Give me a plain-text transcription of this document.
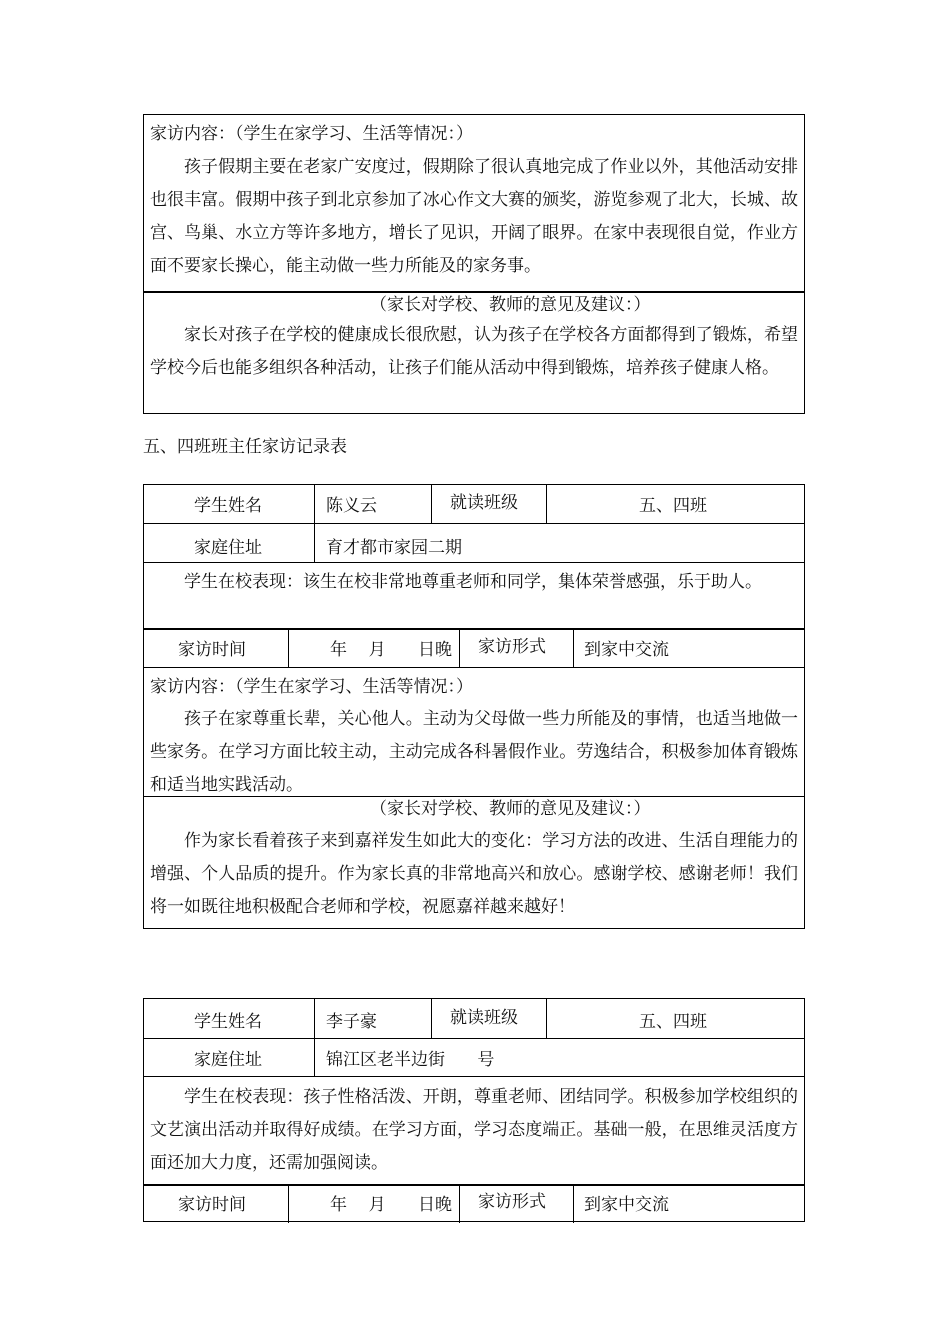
家访内容：（学生在家学习、生活等情况：）
孩子假期主要在老家广安度过，假期除了很认真地完成了作业以外，其他活动安排也很丰富。假期中孩子到北京参加了冰心作文大赛的颁奖，游览参观了北大，长城、故宫、鸟巢、水立方等许多地方，增长了见识，开阔了眼界。在家中表现很自觉，作业方面不要家长操心，能主动做一些力所能及的家务事。
（家长对学校、教师的意见及建议：）
家长对孩子在学校的健康成长很欣慰，认为孩子在学校各方面都得到了锻炼，希望学校今后也能多组织各种活动，让孩子们能从活动中得到锻炼，培养孩子健康人格。
五、四班班主任家访记录表
学生姓名	陈义云	就读班级	五、四班
家庭住址	育才都市家园二期
学生在校表现：该生在校非常地尊重老师和同学，集体荣誉感强，乐于助人。
家访时间	年    月      日晚 家访形式 到家中交流
家访内容：（学生在家学习、生活等情况：）
孩子在家尊重长辈，关心他人。主动为父母做一些力所能及的事情，也适当地做一些家务。在学习方面比较主动，主动完成各科暑假作业。劳逸结合，积极参加体育锻炼和适当地实践活动。
（家长对学校、教师的意见及建议：）
作为家长看着孩子来到嘉祥发生如此大的变化：学习方法的改进、生活自理能力的增强、个人品质的提升。作为家长真的非常地高兴和放心。感谢学校、感谢老师！我们将一如既往地积极配合老师和学校，祝愿嘉祥越来越好！
学生姓名	李子豪	就读班级	五、四班
家庭住址	锦江区老半边街      号
学生在校表现：孩子性格活泼、开朗，尊重老师、团结同学。积极参加学校组织的文艺演出活动并取得好成绩。在学习方面，学习态度端正。基础一般，在思维灵活度方面还加大力度，还需加强阅读。
家访时间	年    月      日晚 家访形式 到家中交流
